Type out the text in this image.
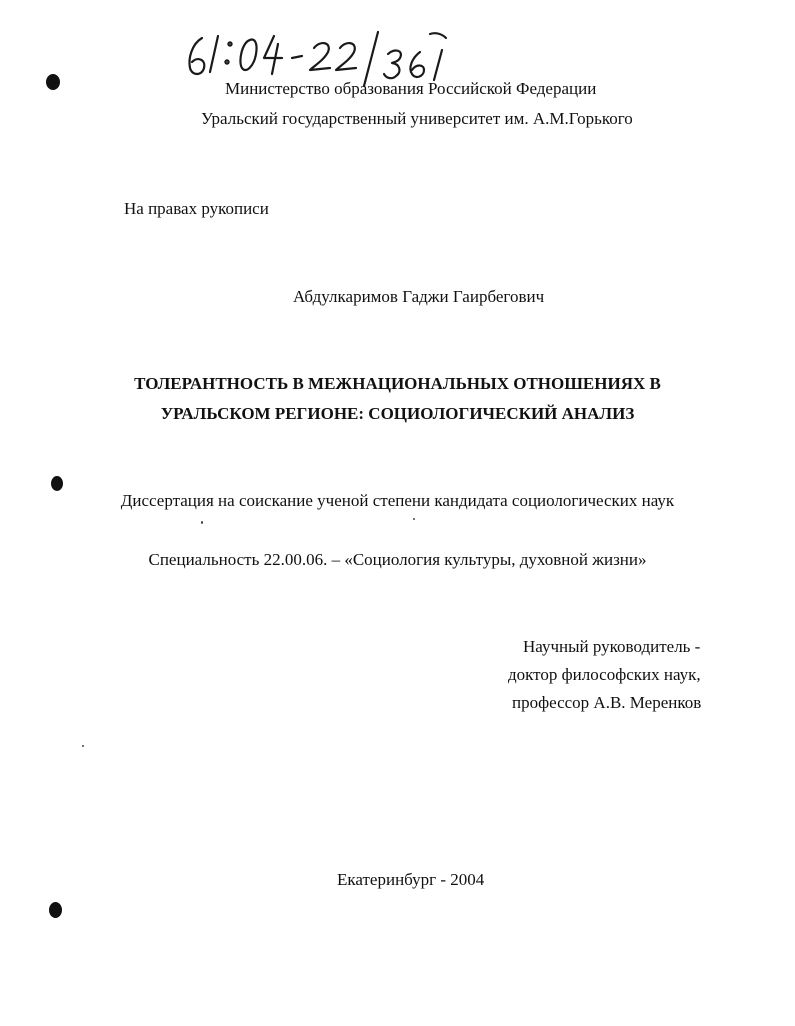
Министерство образования Российской Федерации
Уральский государственный университет им. А.М.Горького
На правах рукописи
Абдулкаримов Гаджи Гаирбегович
ТОЛЕРАНТНОСТЬ В МЕЖНАЦИОНАЛЬНЫХ ОТНОШЕНИЯХ В
УРАЛЬСКОМ РЕГИОНЕ: СОЦИОЛОГИЧЕСКИЙ АНАЛИЗ
Диссертация на соискание ученой степени кандидата социологических наук
Специальность 22.00.06. – «Социология культуры, духовной жизни»
Научный руководитель -
доктор философских наук,
профессор А.В. Меренков
Екатеринбург - 2004
